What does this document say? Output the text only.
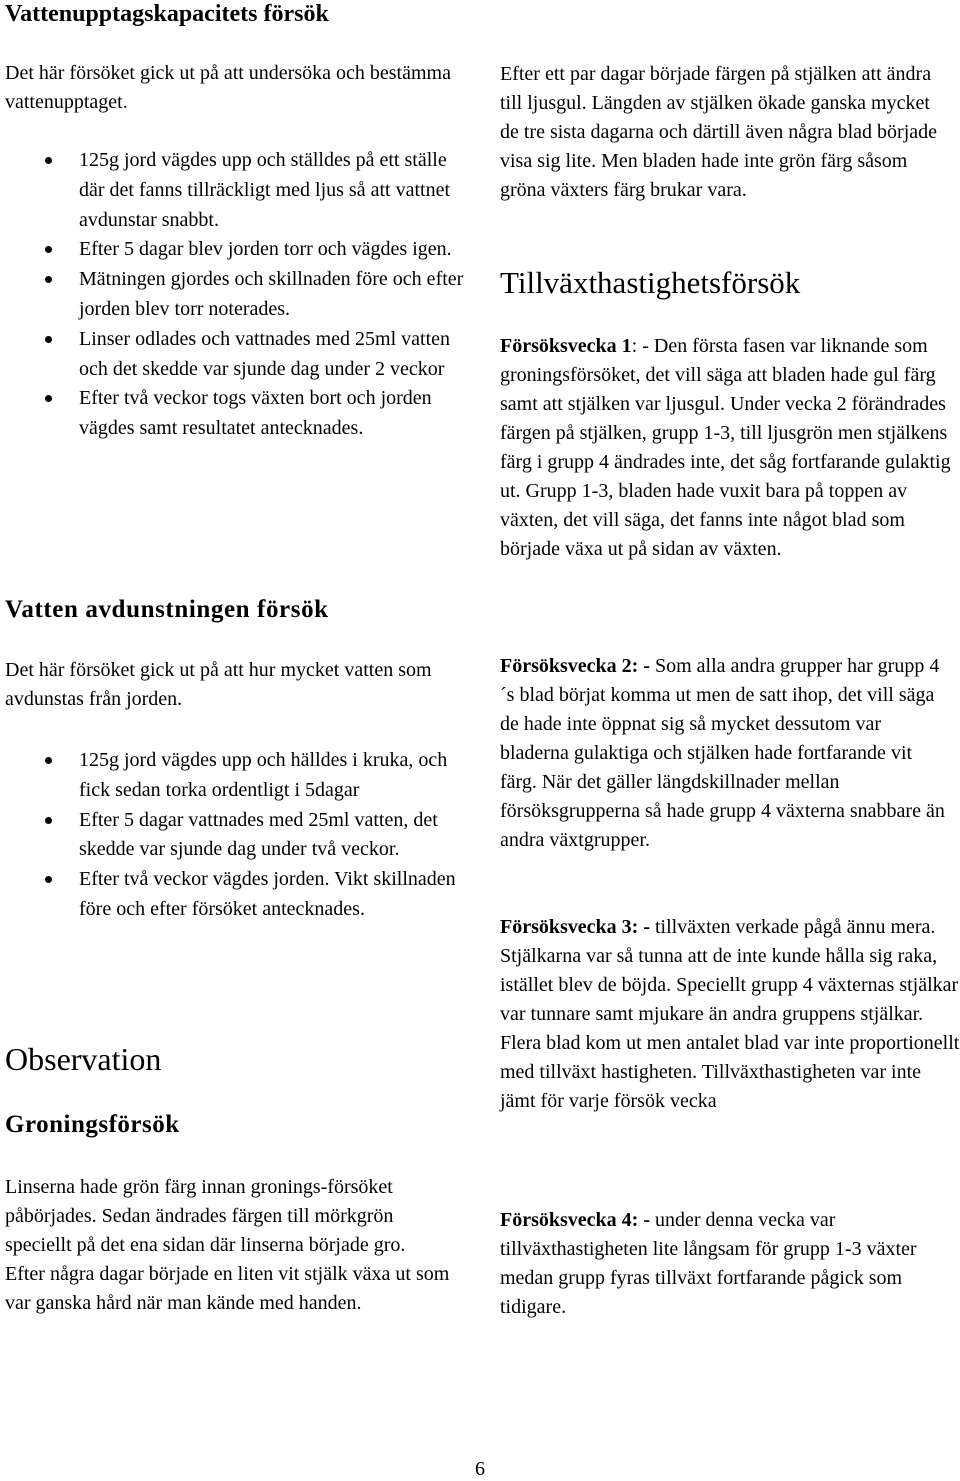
Vattenupptagskapacitets försök

Det här försöket gick ut på att undersöka och bestämma vattenupptaget.

125g jord vägdes upp och ställdes på ett ställe där det fanns tillräckligt med ljus så att vattnet avdunstar snabbt.
Efter 5 dagar blev jorden torr och vägdes igen.
Mätningen gjordes och skillnaden före och efter jorden blev torr noterades.
Linser odlades och vattnades med 25ml vatten och det skedde var sjunde dag under 2 veckor
Efter två veckor togs växten bort och jorden vägdes samt resultatet antecknades.
Vatten avdunstningen försök

Det här försöket gick ut på att hur mycket vatten som avdunstas från jorden.

125g jord vägdes upp och hälldes i kruka, och fick sedan torka ordentligt i 5dagar
Efter 5 dagar vattnades med 25ml vatten, det skedde var sjunde dag under två veckor.
Efter två veckor vägdes jorden. Vikt skillnaden före och efter försöket antecknades.
Observation
Groningsförsök

Linserna hade grön färg innan gronings-försöket påbörjades. Sedan ändrades färgen till mörkgrön speciellt på det ena sidan där linserna började gro. Efter några dagar började en liten vit stjälk växa ut som var ganska hård när man kände med handen.

Efter ett par dagar började färgen på stjälken att ändra till ljusgul. Längden av stjälken ökade ganska mycket de tre sista dagarna och därtill även några blad började visa sig lite. Men bladen hade inte grön färg såsom gröna växters färg brukar vara.

Tillväxthastighetsförsök

Försöksvecka 1: - Den första fasen var liknande som groningsförsöket, det vill säga att bladen hade gul färg samt att stjälken var ljusgul. Under vecka 2 förändrades färgen på stjälken, grupp 1-3, till ljusgrön men stjälkens färg i grupp 4 ändrades inte, det såg fortfarande gulaktig ut. Grupp 1-3, bladen hade vuxit bara på toppen av växten, det vill säga, det fanns inte något blad som började växa ut på sidan av växten.

Försöksvecka 2: - Som alla andra grupper har grupp 4´s blad börjat komma ut men de satt ihop, det vill säga de hade inte öppnat sig så mycket dessutom var bladerna gulaktiga och stjälken hade fortfarande vit färg. När det gäller längdskillnader mellan försöksgrupperna så hade grupp 4 växterna snabbare än andra växtgrupper.

Försöksvecka 3: - tillväxten verkade pågå ännu mera. Stjälkarna var så tunna att de inte kunde hålla sig raka, istället blev de böjda. Speciellt grupp 4 växternas stjälkar var tunnare samt mjukare än andra gruppens stjälkar. Flera blad kom ut men antalet blad var inte proportionellt med tillväxt hastigheten. Tillväxthastigheten var inte jämt för varje försök vecka

Försöksvecka 4: - under denna vecka var tillväxthastigheten lite långsam för grupp 1-3 växter medan grupp fyras tillväxt fortfarande pågick som tidigare.

6
